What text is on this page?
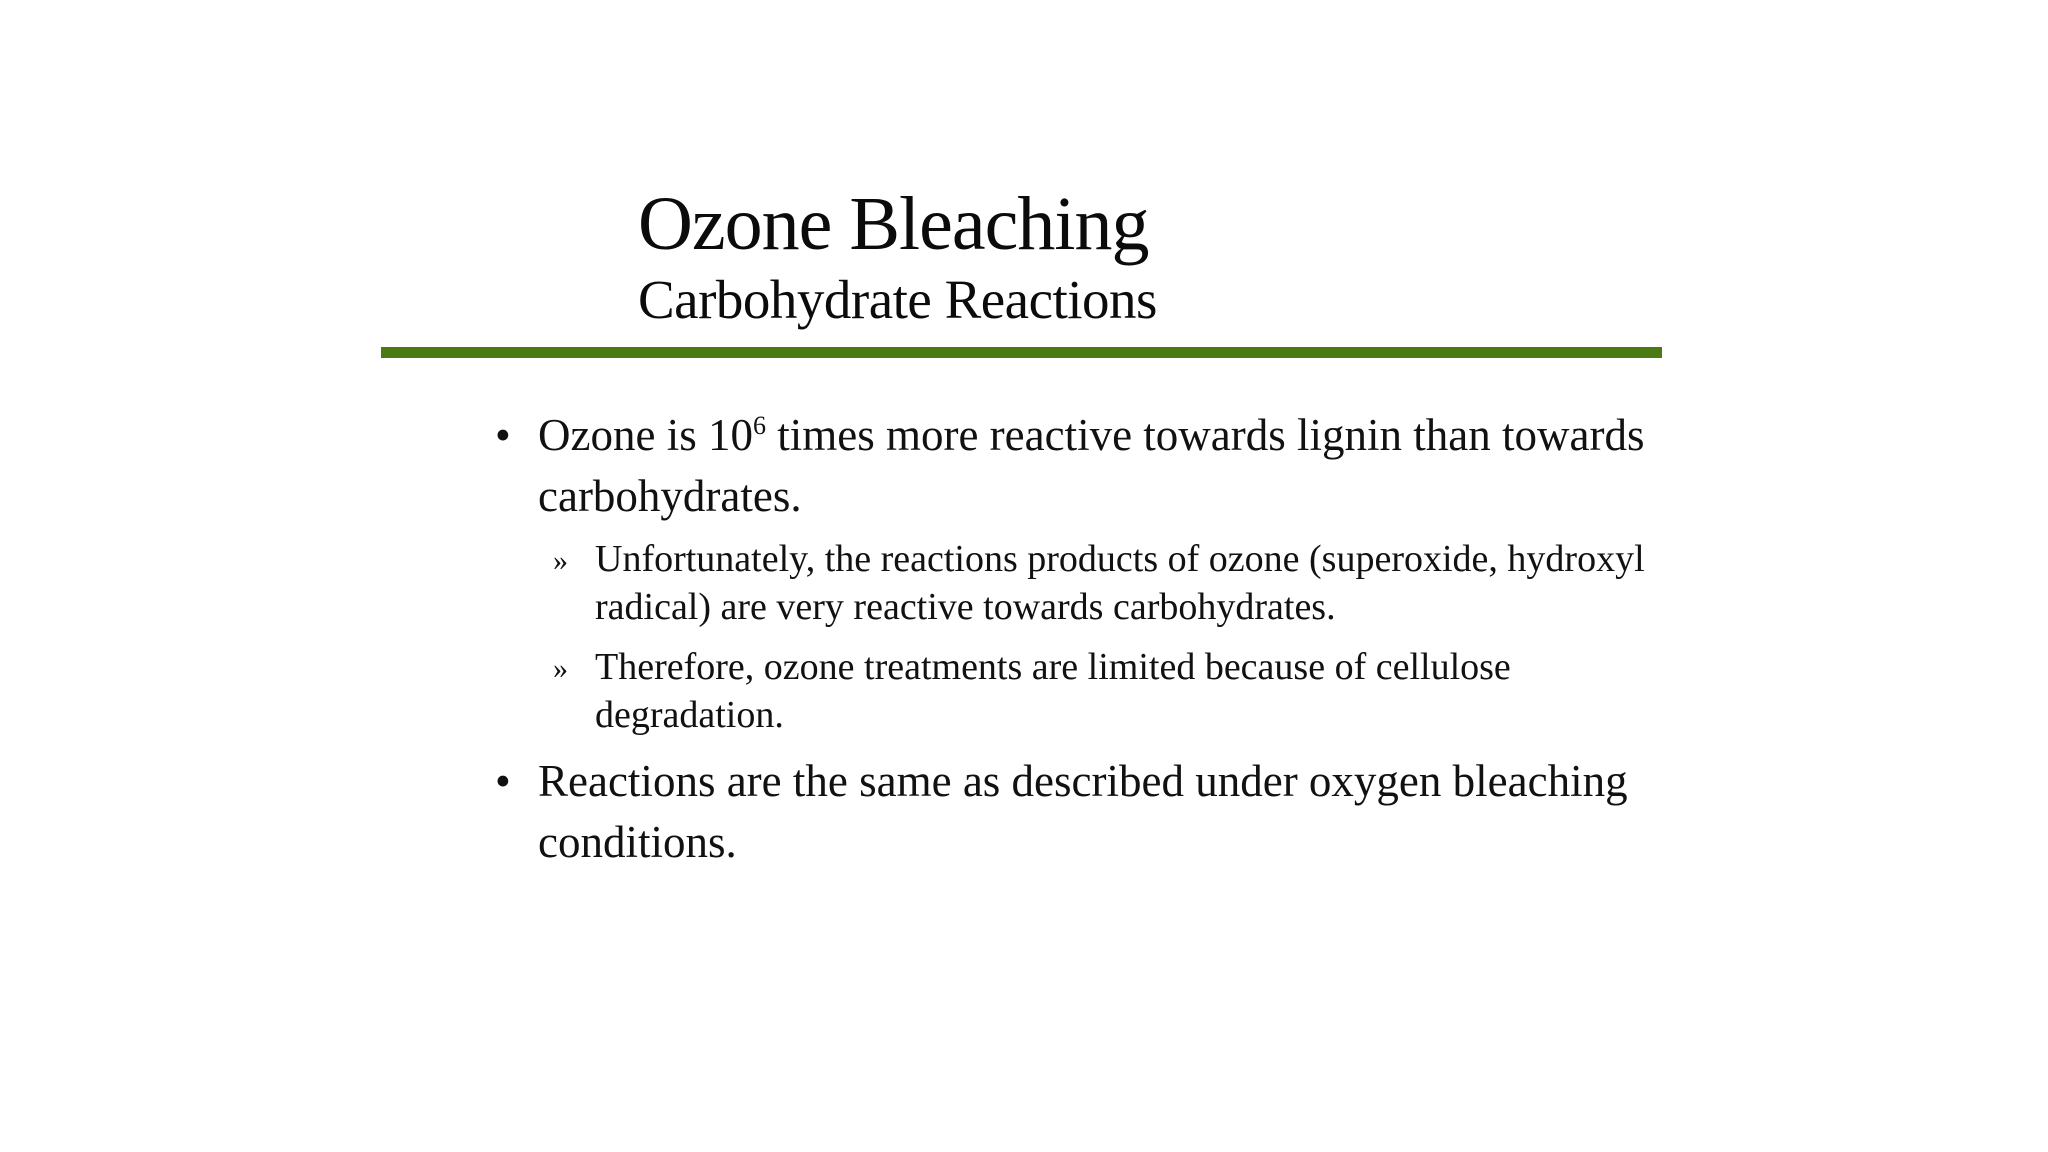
Ozone Bleaching
Carbohydrate Reactions
• Ozone is $10^6$ times more reactive towards lignin than towards carbohydrates.
» Unfortunately, the reactions products of ozone (superoxide, hydroxyl radical) are very reactive towards carbohydrates.
» Therefore, ozone treatments are limited because of cellulose degradation.
• Reactions are the same as described under oxygen bleaching conditions.
